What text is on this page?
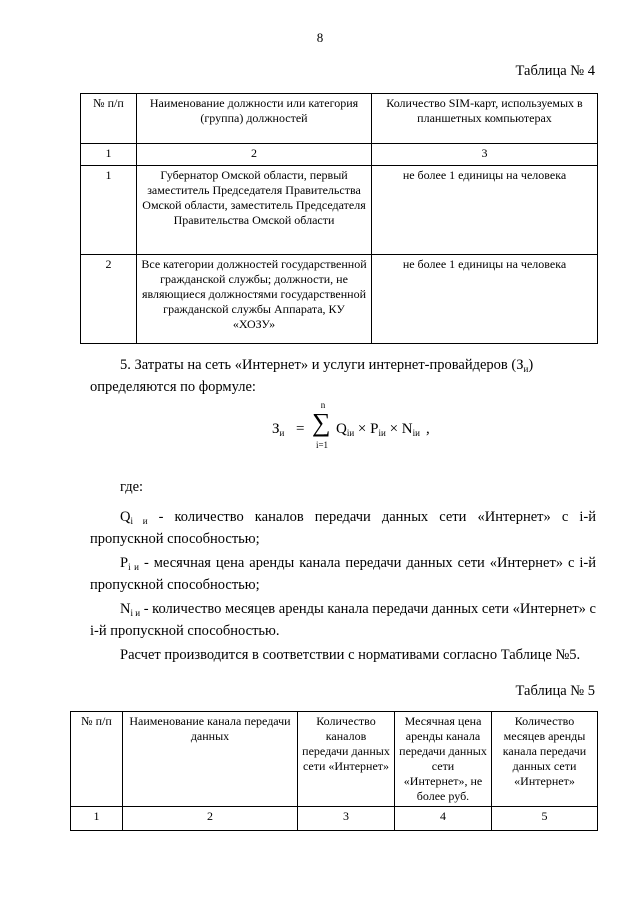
8
Таблица № 4
№ п/п	Наименование должности или категория (группа) должностей	Количество SIM-карт, используемых в планшетных компьютерах
1	2	3
1	Губернатор Омской области, первый заместитель Председателя Правительства Омской области, заместитель Председателя Правительства Омской области	не более 1 единицы на человека
2	Все категории должностей государственной гражданской службы; должности, не являющиеся должностями государственной гражданской службы Аппарата, КУ «ХОЗУ»	не более 1 единицы на человека

5. Затраты на сеть «Интернет» и услуги интернет-провайдеров $(З_и)$
определяются по формуле:

$З_и$ =
n
∑
i=1
$Q_{iи} \times P_{iи} \times N_{iи}$ ,

где:

$Q_{i и}$ - количество каналов передачи данных сети «Интернет» с i-й пропускной способностью;

$P_{i и}$ - месячная цена аренды канала передачи данных сети «Интернет» с i-й пропускной способностью;

$N_{i и}$ - количество месяцев аренды канала передачи данных сети «Интернет» с i-й пропускной способностью.

Расчет производится в соответствии с нормативами согласно Таблице №5.

Таблица № 5
№ п/п	Наименование канала передачи данных	Количество каналов передачи данных сети «Интернет»	Месячная цена аренды канала передачи данных сети «Интернет», не более руб.	Количество месяцев аренды канала передачи данных сети «Интернет»
1	2	3	4	5
